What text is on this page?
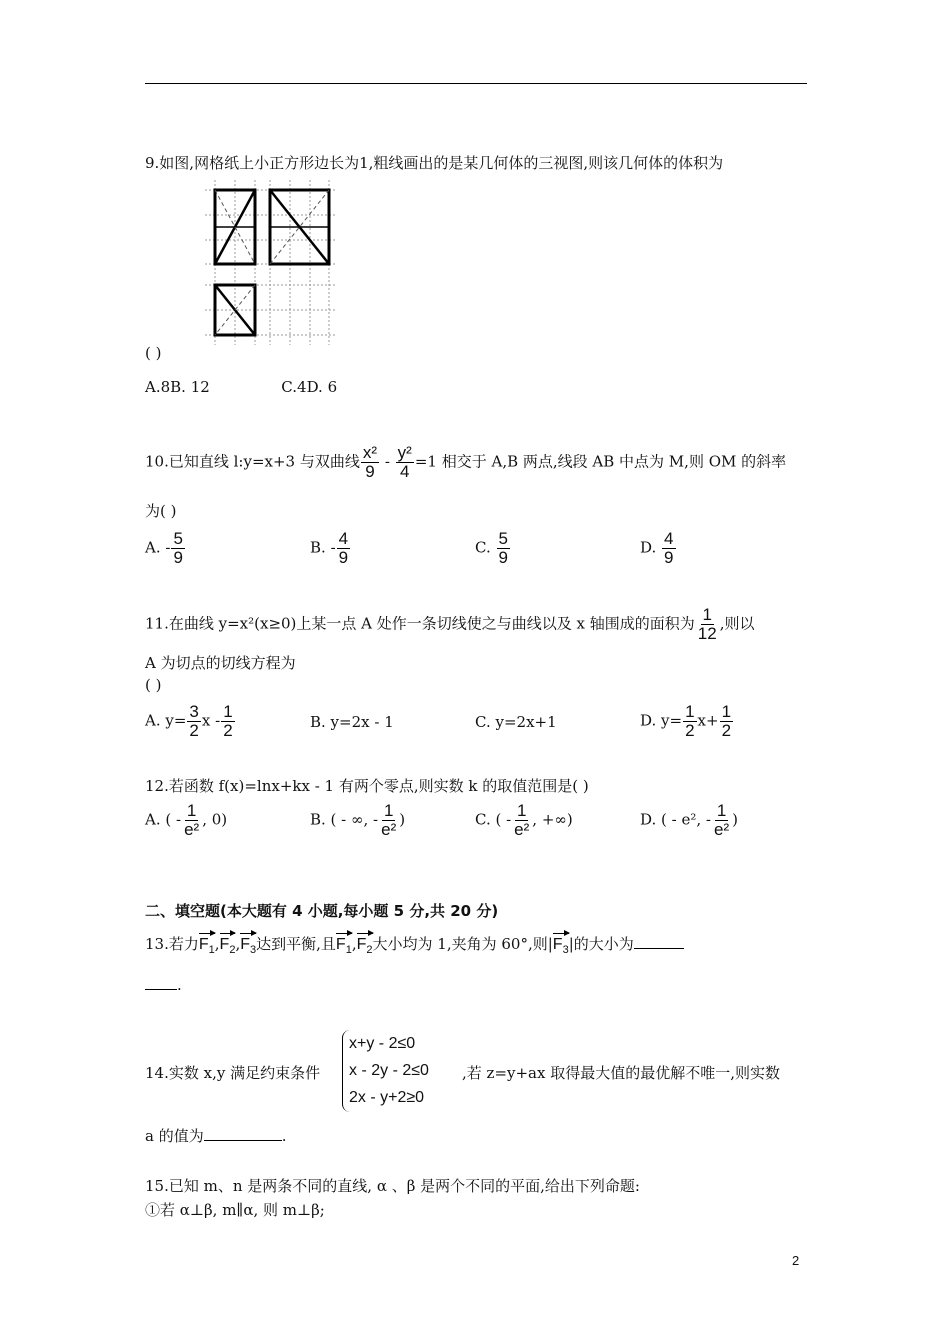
9.如图,网格纸上小正方形边长为1,粗线画出的是某几何体的三视图,则该几何体的体积为
( )
A.8B. 12               C.4D. 6
10.已知直线 l:y=x+3 与双曲线 $\frac{\text{x²}}{9} - \frac{\text{y²}}{4} =1$ 相交于 A,B 两点,线段 AB 中点为 M,则 OM 的斜率
为( )
A. - $\frac{5}{9}$	B. - $\frac{4}{9}$	C. $\frac{5}{9}$	D. $\frac{4}{9}$
11.在曲线 y=x²(x≥0)上某一点 A 处作一条切线使之与曲线以及 x 轴围成的面积为 $\frac{1}{12}$ ,则以
A 为切点的切线方程为
( )
A. $y= \frac{3}{2}$ x - $\frac{1}{2}$	B. y=2x - 1	C. y=2x+1	D. $y= \frac{1}{2} x+ \frac{1}{2}$
12.若函数 f(x)=lnx+kx - 1 有两个零点,则实数 k 的取值范围是( )
A. ( - $\frac{1}{\text{e²}}$ , 0)	B. ( - ∞, - $\frac{1}{\text{e²}}$ )	C. ( - $\frac{1}{\text{e²}}$ , +∞)	D. ( - e², - $\frac{1}{\text{e²}}$ )
二、填空题(本大题有 4 小题,每小题 5 分,共 20 分)
13.若力$F_1,F_2,F_3$达到平衡,且$F_1,F_2$大小均为 1,夹角为 60°,则$|F_3|$的大小为
.
14.实数 x,y 满足约束条件
x+y - 2≤0
x - 2y - 2≤0
2x - y+2≥0
,若 z=y+ax 取得最大值的最优解不唯一,则实数
a 的值为	.
15.已知 m、n 是两条不同的直线, α 、β 是两个不同的平面,给出下列命题:
①若 α⊥β, m∥α, 则 m⊥β;
2
